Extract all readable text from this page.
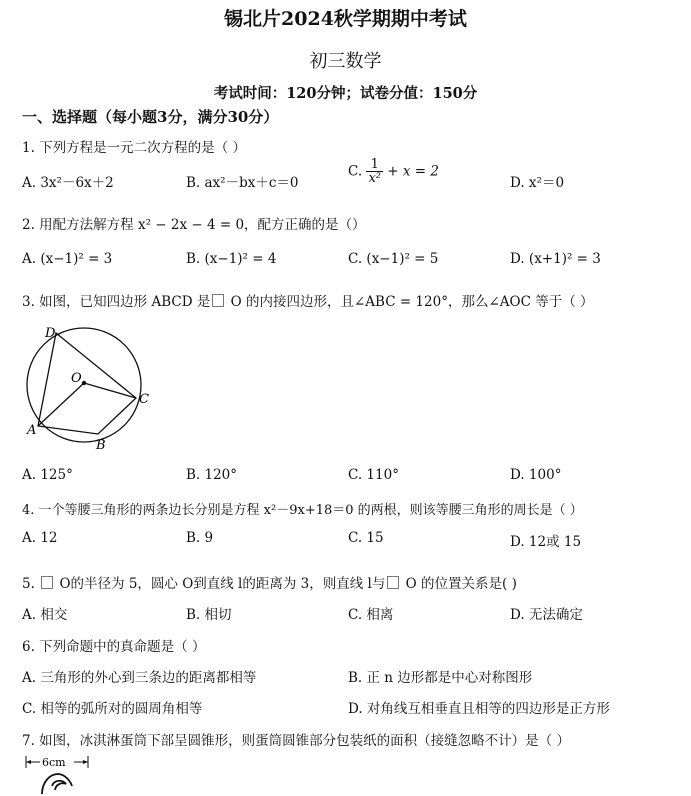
锡北片2024秋学期期中考试
初三数学
考试时间：120分钟；试卷分值：150分
一、选择题（每小题3分，满分30分）
1. 下列方程是一元二次方程的是（ ）
A. 3x²－6x＋2	B. ax²－bx＋c＝0
C. $\frac{1}{\text{x²}} + x = 2$
D. x²＝0
2. 用配方法解方程 x² − 2x − 4 = 0，配方正确的是（）
A. (x−1)² = 3	B. (x−1)² = 4	C. (x−1)² = 5	D. (x+1)² = 3
3. 如图，已知四边形 ABCD 是 O 的内接四边形，且∠ABC = 120°，那么∠AOC 等于（ ）
D
O
C
A
B
A. 125°	B. 120°	C. 110°	D. 100°
4. 一个等腰三角形的两条边长分别是方程 x²－9x+18＝0 的两根，则该等腰三角形的周长是（ ）
A. 12	B. 9	C. 15	D. 12或 15
5.  O的半径为 5，圆心 O到直线 l的距离为 3，则直线 l与 O 的位置关系是( )
A. 相交	B. 相切	C. 相离	D. 无法确定
6. 下列命题中的真命题是（ ）
A. 三角形的外心到三条边的距离都相等	B. 正 n 边形都是中心对称图形
C. 相等的弧所对的圆周角相等	D. 对角线互相垂直且相等的四边形是正方形
7. 如图，冰淇淋蛋筒下部呈圆锥形，则蛋筒圆锥部分包装纸的面积（接缝忽略不计）是（ ）
6cm
